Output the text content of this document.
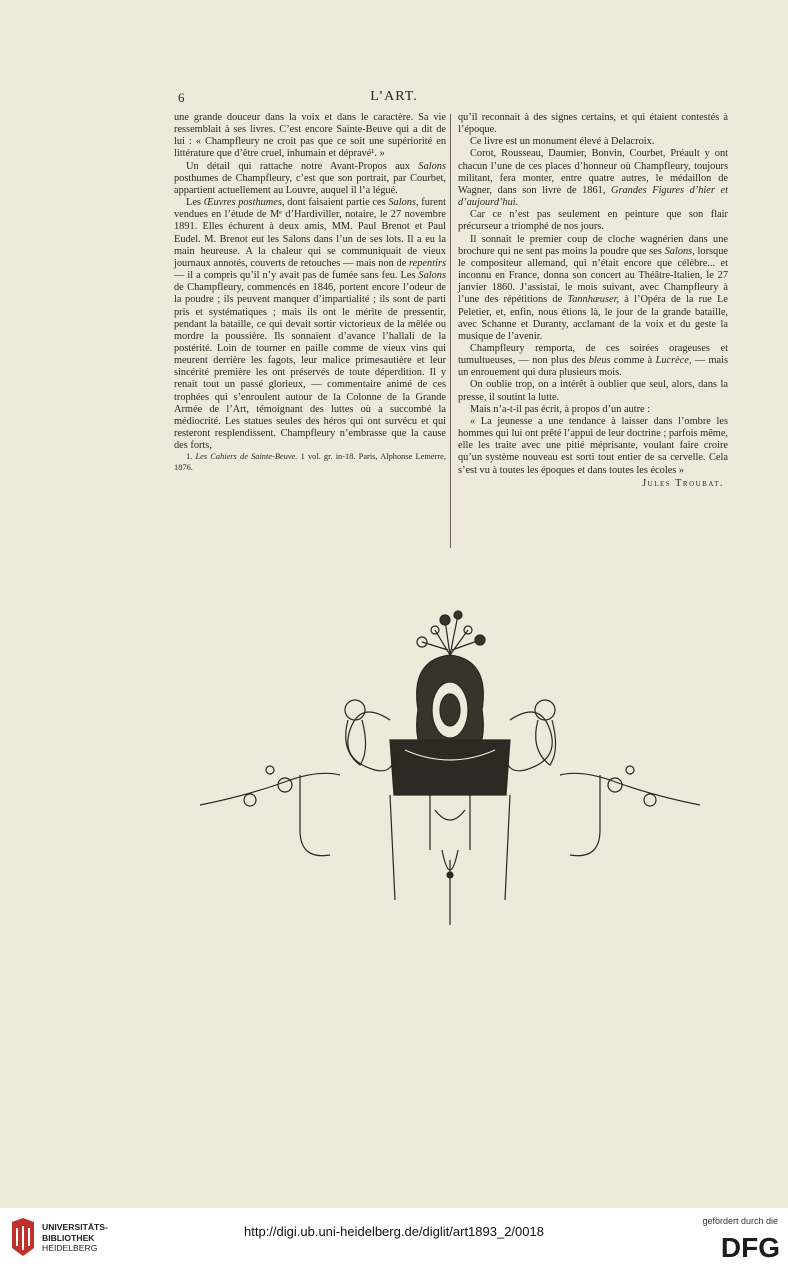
6	L’ART.

une grande douceur dans la voix et dans le caractère. Sa vie ressemblait à ses livres. C’est encore Sainte-Beuve qui a dit de lui : « Champfleury ne croit pas que ce soit une supériorité en littérature que d’être cruel, inhumain et dépravé¹. »

Un détail qui rattache notre Avant-Propos aux Salons posthumes de Champfleury, c’est que son portrait, par Courbet, appartient actuellement au Louvre, auquel il l’a légué.

Les Œuvres posthumes, dont faisaient partie ces Salons, furent vendues en l’étude de Mᵉ d’Hardiviller, notaire, le 27 novembre 1891. Elles échurent à deux amis, MM. Paul Brenot et Paul Eudel. M. Brenot eut les Salons dans l’un de ses lots. Il a eu la main heureuse. A la chaleur qui se communiquait de vieux journaux annotés, couverts de retouches — mais non de repentirs — il a compris qu’il n’y avait pas de fumée sans feu. Les Salons de Champfleury, commencés en 1846, portent encore l’odeur de la poudre ; ils peuvent manquer d’impartialité ; ils sont de parti pris et systématiques ; mais ils ont le mérite de pressentir, pendant la bataille, ce qui devait sortir victorieux de la mêlée ou mordre la poussière. Ils sonnaient d’avance l’hallali de la postérité. Loin de tourner en paille comme de vieux vins qui meurent derrière les fagots, leur malice primesautière et leur sincérité première les ont préservés de toute déperdition. Il y renait tout un passé glorieux, — commentaire animé de ces trophées qui s’enroulent autour de la Colonne de la Grande Armée de l’Art, témoignant des luttes où a succombé la médiocrité. Les statues seules des héros qui ont survécu et qui resteront resplendissent. Champfleury n’embrasse que la cause des forts,

1. Les Cahiers de Sainte-Beuve. 1 vol. gr. in-18. Paris, Alphonse Lemerre, 1876.

qu’il reconnait à des signes certains, et qui étaient contestés à l’époque.

Ce livre est un monument élevé à Delacroix.

Corot, Rousseau, Daumier, Bonvin, Courbet, Préault y ont chacun l’une de ces places d’honneur où Champfleury, toujours militant, fera monter, entre quatre autres, le médaillon de Wagner, dans son livre de 1861, Grandes Figures d’hier et d’aujourd’hui.

Car ce n’est pas seulement en peinture que son flair précurseur a triomphé de nos jours.

Il sonnait le premier coup de cloche wagnérien dans une brochure qui ne sent pas moins la poudre que ses Salons, lorsque le compositeur allemand, qui n’était encore que célèbre... et inconnu en France, donna son concert au Théâtre-Italien, le 27 janvier 1860. J’assistai, le mois suivant, avec Champfleury à l’une des répétitions de Tannhæuser, à l’Opéra de la rue Le Peletier, et, enfin, nous étions là, le jour de la grande bataille, avec Schanne et Duranty, acclamant de la voix et du geste la musique de l’avenir.

Champfleury remporta, de ces soirées orageuses et tumultueuses, — non plus des bleus comme à Lucrèce, — mais un enrouement qui dura plusieurs mois.

On oublie trop, on a intérêt à oublier que seul, alors, dans la presse, il soutint la lutte.

Mais n’a-t-il pas écrit, à propos d’un autre :

« La jeunesse a une tendance à laisser dans l’ombre les hommes qui lui ont prêté l’appui de leur doctrine ; parfois même, elle les traite avec une pitié méprisante, voulant faire croire qu’un système nouveau est sorti tout entier de sa cervelle. Cela s’est vu à toutes les époques et dans toutes les écoles »

Jules Troubat.
UNIVERSITÄTS-
BIBLIOTHEK
HEIDELBERG
http://digi.ub.uni-heidelberg.de/diglit/art1893_2/0018
gefördert durch die
DFG
